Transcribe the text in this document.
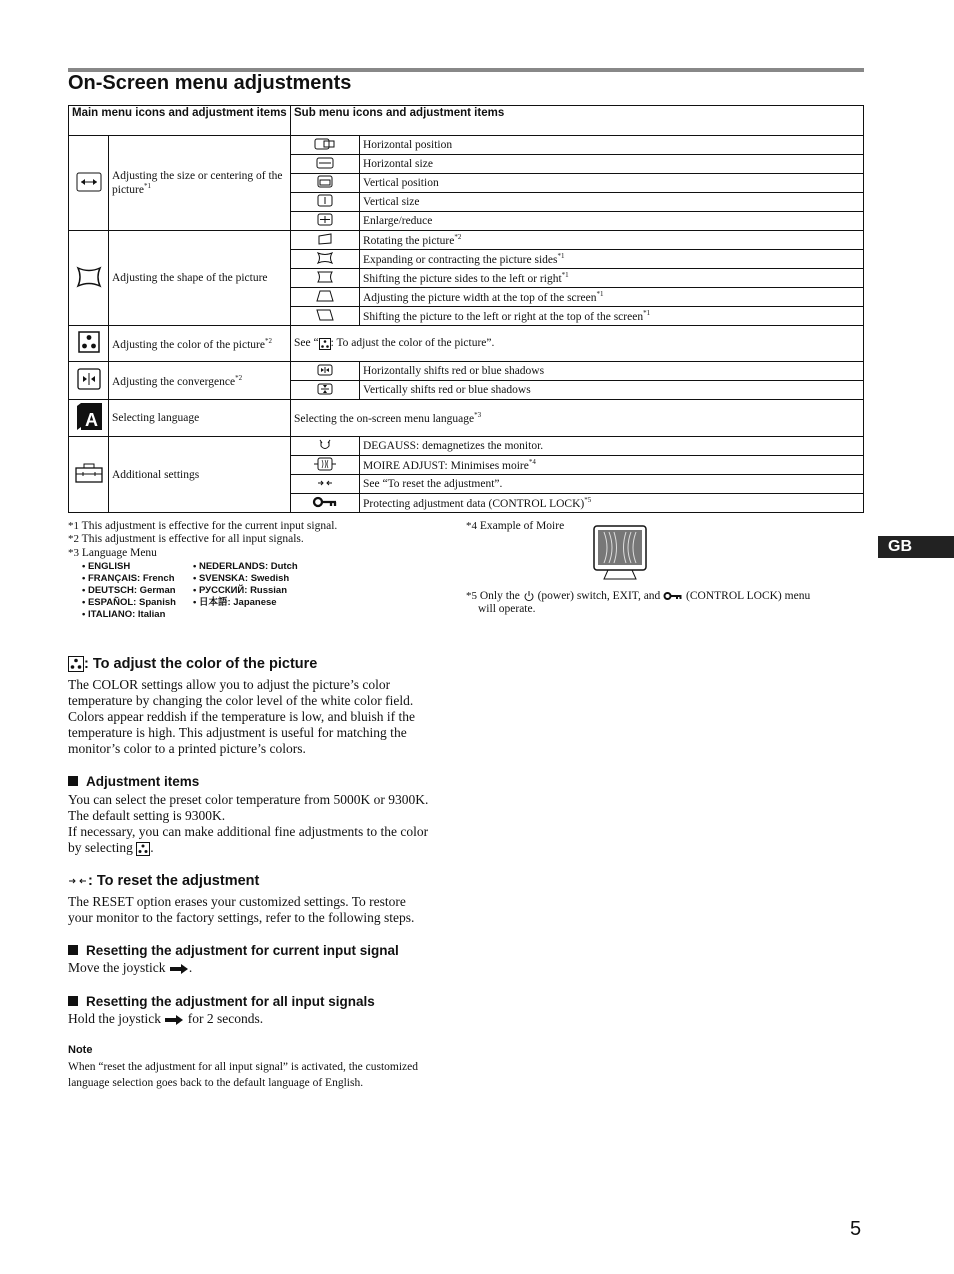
On-Screen menu adjustments
Main menu icons and adjustment items		Sub menu icons and adjustment items	
	Adjusting the size or centering of the picture$^{*1}$		Horizontal position
	Horizontal size
	Vertical position
	Vertical size
	Enlarge/reduce
	Adjusting the shape of the picture		Rotating the picture$^{*2}$
	Expanding or contracting the picture sides$^{*1}$
	Shifting the picture sides to the left or right$^{*1}$
	Adjusting the picture width at the top of the screen$^{*1}$
	Shifting the picture to the left or right at the top of the screen$^{*1}$
	Adjusting the color of the picture$^{*2}$	See “ : To adjust the color of the picture”.	
	Adjusting the convergence$^{*2}$		Horizontally shifts red or blue shadows
	Vertically shifts red or blue shadows

A	Selecting language	Selecting the on-screen menu language$^{*3}$
	Additional settings		DEGAUSS: demagnetizes the monitor.
	MOIRE ADJUST: Minimises moire$^{*4}$
	See “To reset the adjustment”.
	Protecting adjustment data (CONTROL LOCK)$^{*5}$
GB
*1 This adjustment is effective for the current input signal.
*2 This adjustment is effective for all input signals.
*3 Language Menu
• ENGLISH
• FRANÇAIS: French
• DEUTSCH: German
• ESPAÑOL: Spanish
• ITALIANO: Italian
• NEDERLANDS: Dutch
• SVENSKA: Swedish
• РУССКИЙ: Russian
• 日本語: Japanese
*4 Example of Moire
*5 Only the (power) switch, EXIT, and (CONTROL LOCK) menu
will operate.
: To adjust the color of the picture
The COLOR settings allow you to adjust the picture’s color
temperature by changing the color level of the white color field.
Colors appear reddish if the temperature is low, and bluish if the
temperature is high. This adjustment is useful for matching the
monitor’s color to a printed picture’s colors.
Adjustment items
You can select the preset color temperature from 5000K or 9300K.
The default setting is 9300K.
If necessary, you can make additional fine adjustments to the color
by selecting .
: To reset the adjustment
The RESET option erases your customized settings. To restore
your monitor to the factory settings, refer to the following steps.
Resetting the adjustment for current input signal
Move the joystick .
Resetting the adjustment for all input signals
Hold the joystick for 2 seconds.
Note
When “reset the adjustment for all input signal” is activated, the customized
language selection goes back to the default language of English.
5
